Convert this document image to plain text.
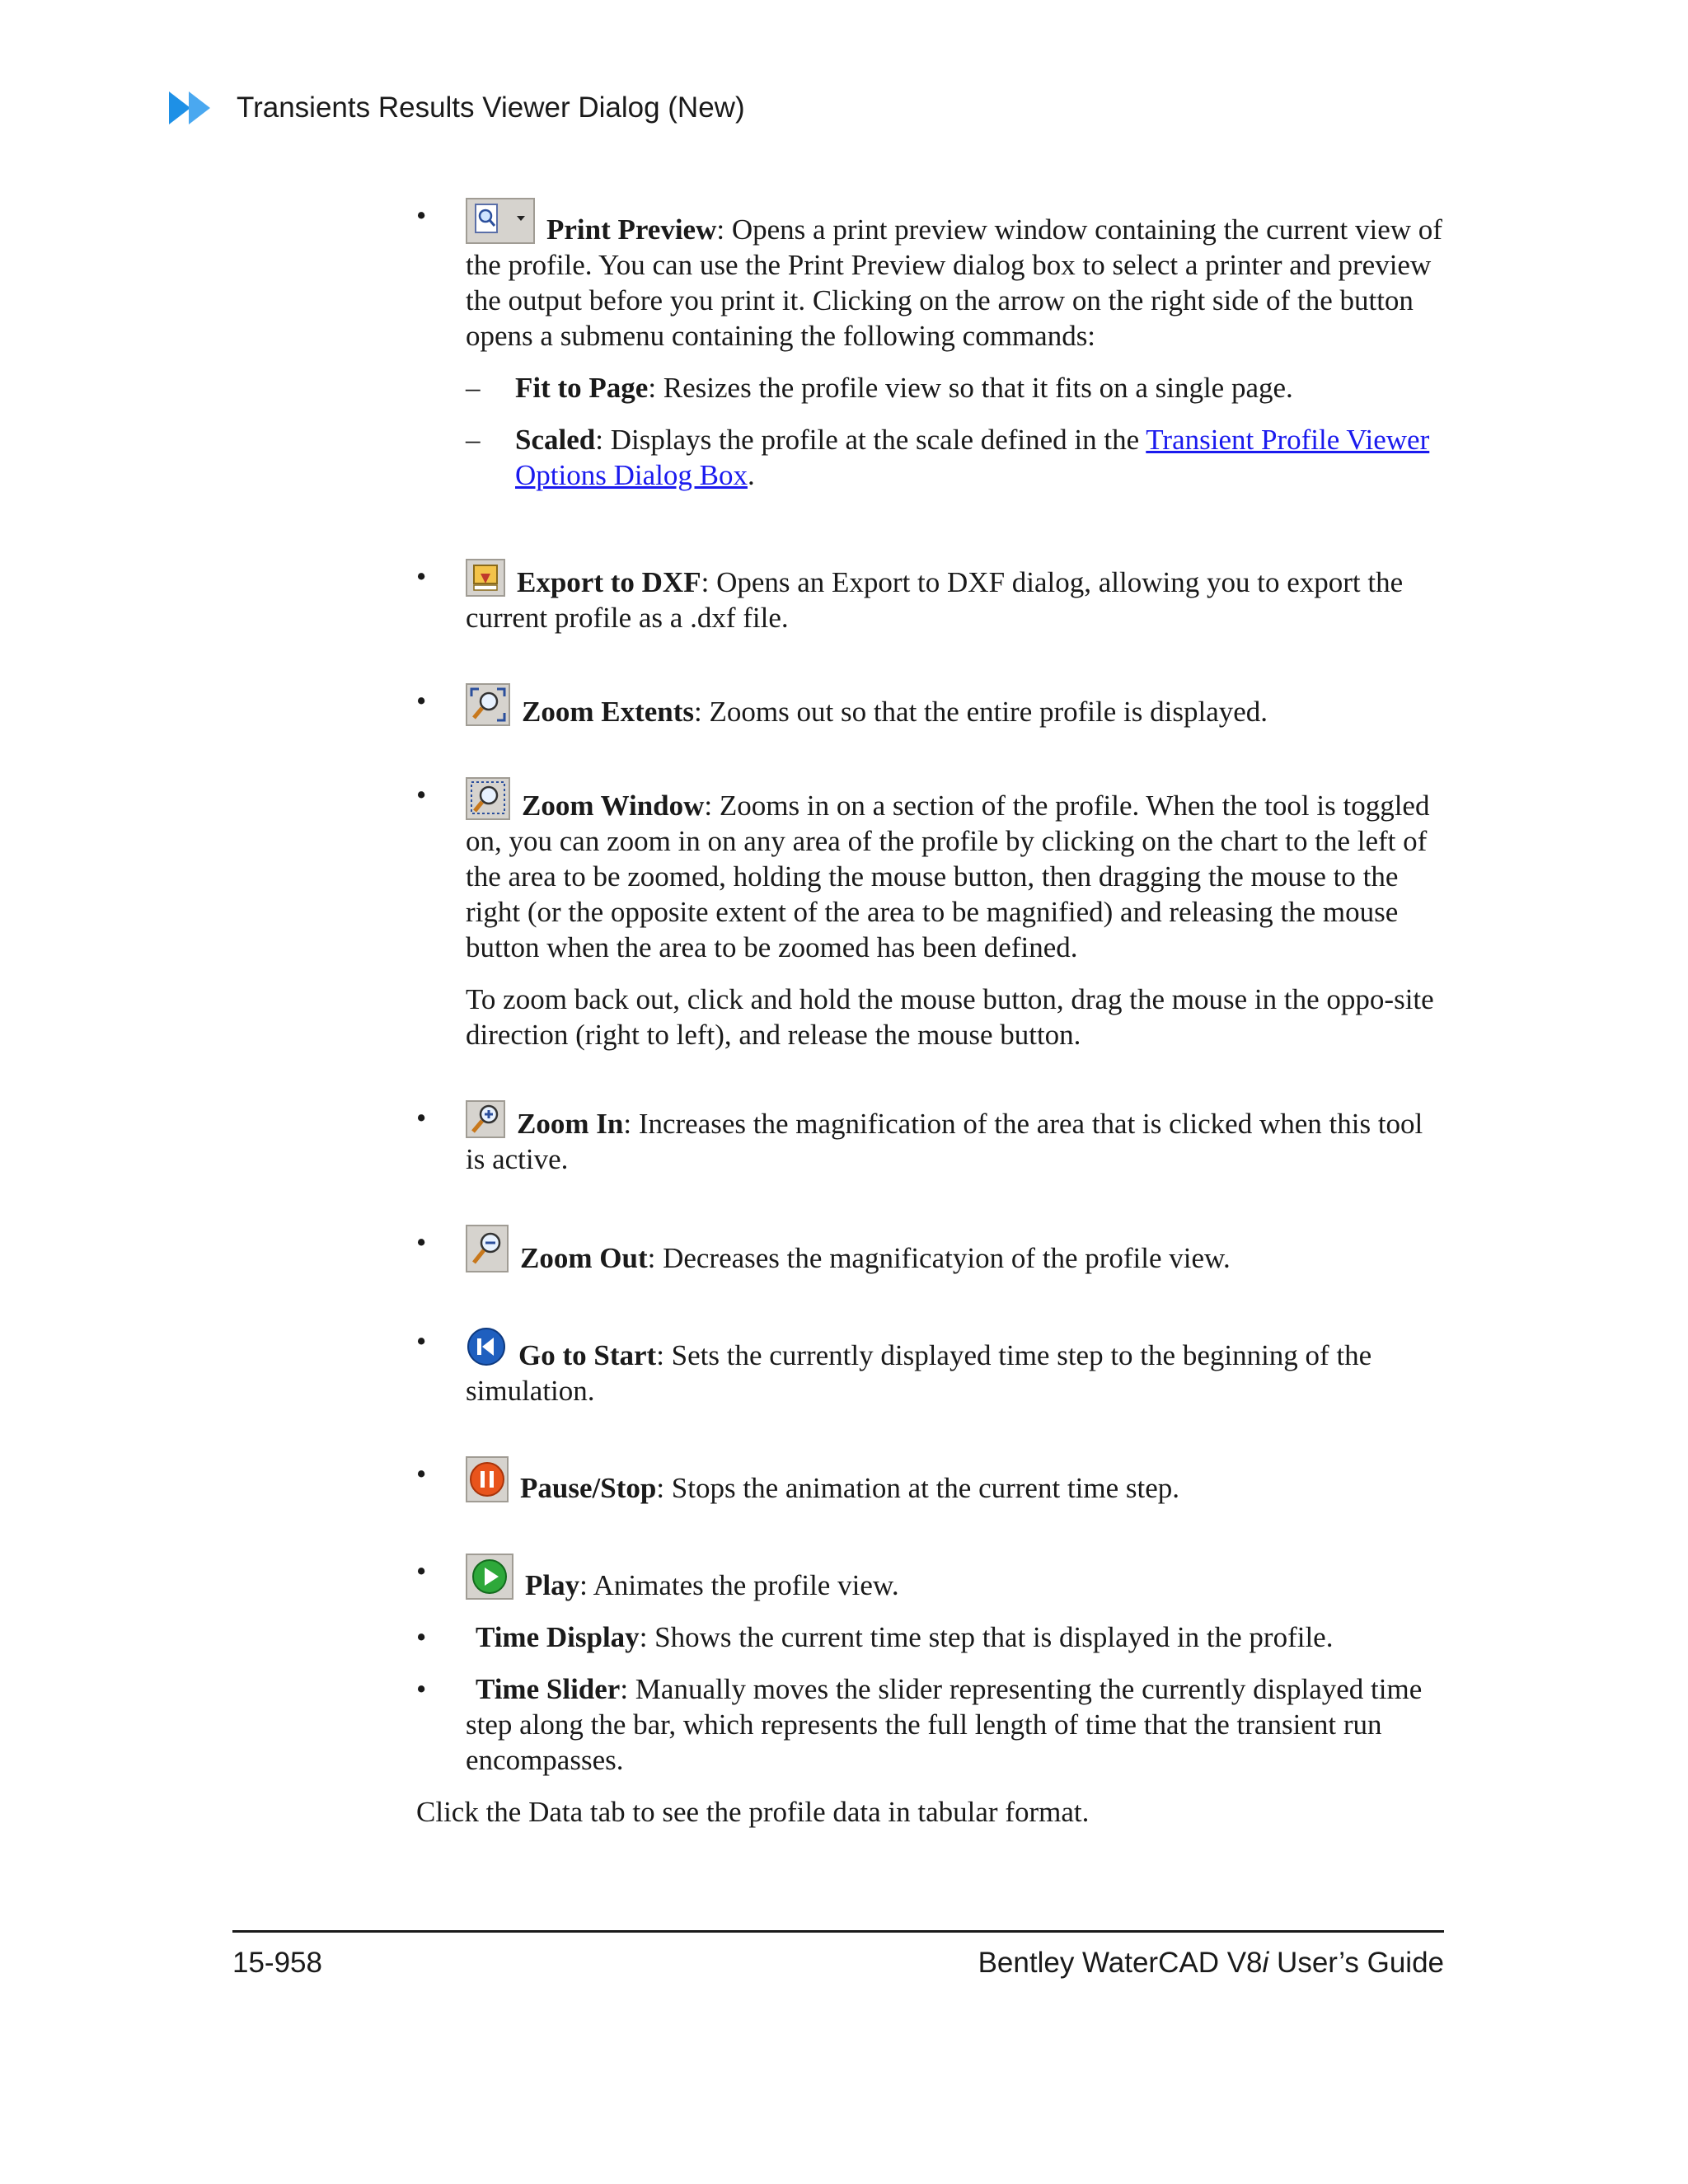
Transients Results Viewer Dialog (New)
•	Print Preview: Opens a print preview window containing the current view of the profile. You can use the Print Preview dialog box to select a printer and preview the output before you print it. Clicking on the arrow on the right side of the button opens a submenu containing the following commands:
– Fit to Page: Resizes the profile view so that it fits on a single page.
– Scaled: Displays the profile at the scale defined in the Transient Profile Viewer Options Dialog Box.
•	Export to DXF: Opens an Export to DXF dialog, allowing you to export the current profile as a .dxf file.
•	Zoom Extents: Zooms out so that the entire profile is displayed.
•	Zoom Window: Zooms in on a section of the profile. When the tool is toggled on, you can zoom in on any area of the profile by clicking on the chart to the left of the area to be zoomed, holding the mouse button, then dragging the mouse to the right (or the opposite extent of the area to be magnified) and releasing the mouse button when the area to be zoomed has been defined.
To zoom back out, click and hold the mouse button, drag the mouse in the oppo-site direction (right to left), and release the mouse button.
•	Zoom In: Increases the magnification of the area that is clicked when this tool is active.
•	Zoom Out: Decreases the magnificatyion of the profile view.
•	Go to Start: Sets the currently displayed time step to the beginning of the simulation.
•	Pause/Stop: Stops the animation at the current time step.
•	Play: Animates the profile view.
•	Time Display: Shows the current time step that is displayed in the profile.
•	Time Slider: Manually moves the slider representing the currently displayed time step along the bar, which represents the full length of time that the transient run encompasses.
Click the Data tab to see the profile data in tabular format.
15-958	Bentley WaterCAD V8i User’s Guide
